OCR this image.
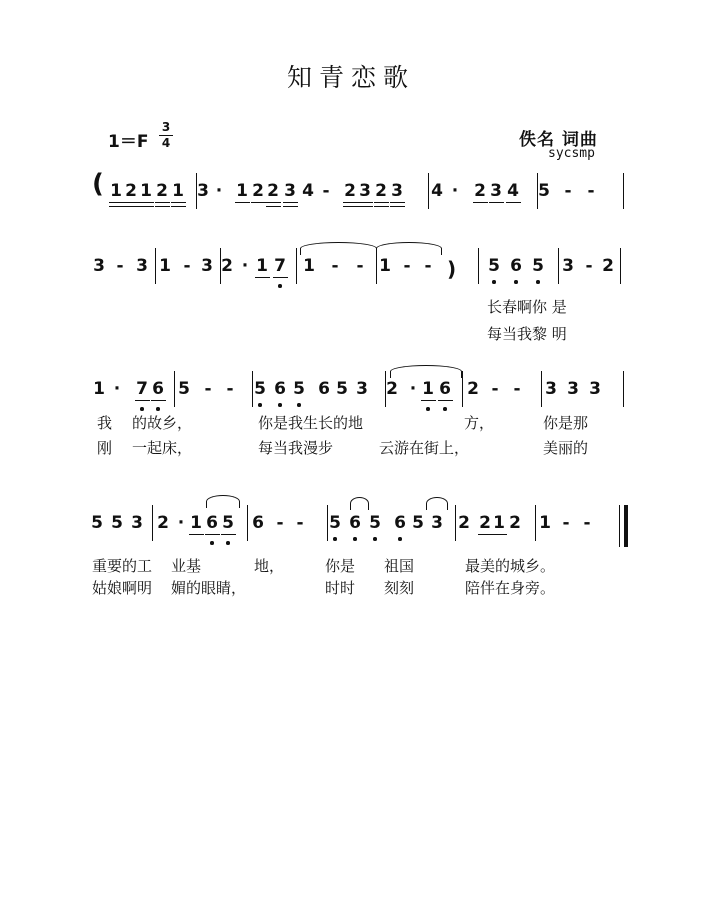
知青恋歌
$1=F \frac{3}{4}$	佚名 词曲
sycsmp
(
)
1 2 1 2 1 3 · 1 2 2 3 4 - 2 3 2 3 4 · 2 3 4 5 - -
3 - 3 1 - 3 2 · 1 7 1 - - 1 - -	5 6 5 3 - 2
1 · 7 6 5 - - 5 6 5 6 5 3 2 · 1 6 2 - - 3 3 3
5 5 3 2 · 1 6 5 6 - - 5 6 5 6 5 3 2 2 1 2 1 - -
长春啊你 是
每当我黎 明
我 的故乡，	你是我生长的地	方，	你是那
刚 一起床，	每当我漫步	云游在街上，	美丽的
重要的工 业基	地，	你是 祖国	最美的城乡。
姑娘啊明 媚的眼睛，	时时 刻刻	陪伴在身旁。
